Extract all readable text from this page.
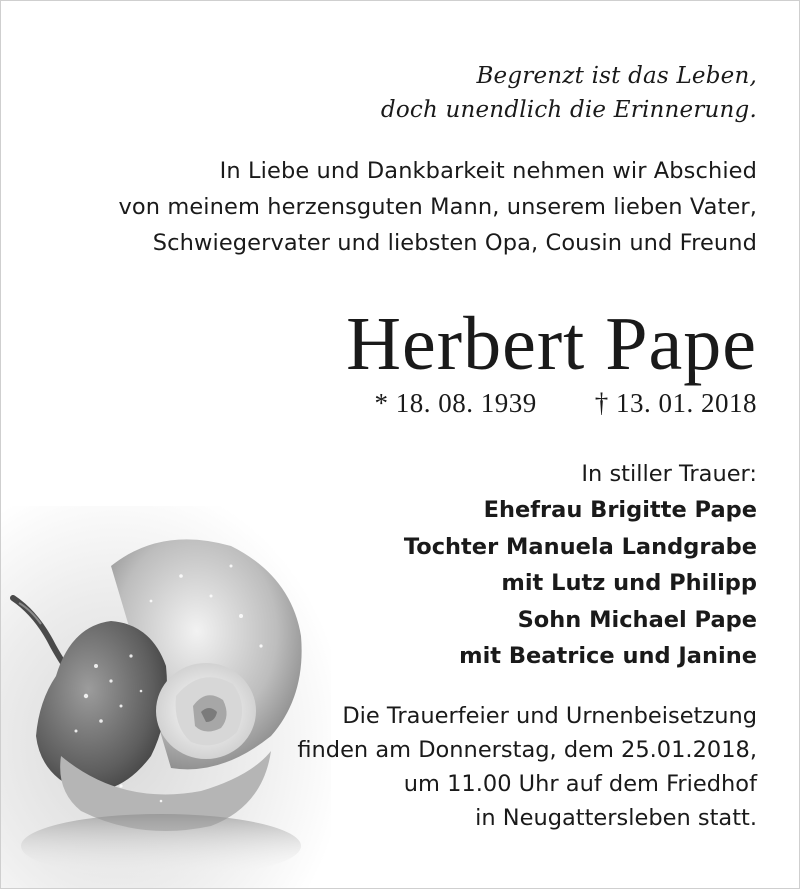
Begrenzt ist das Leben,
doch unendlich die Erinnerung.
In Liebe und Dankbarkeit nehmen wir Abschied
von meinem herzensguten Mann, unserem lieben Vater,
Schwiegervater und liebsten Opa, Cousin und Freund
Herbert Pape
* 18. 08. 1939 † 13. 01. 2018
In stiller Trauer:
Ehefrau Brigitte Pape
Tochter Manuela Landgrabe
mit Lutz und Philipp
Sohn Michael Pape
mit Beatrice und Janine
Die Trauerfeier und Urnenbeisetzung
finden am Donnerstag, dem 25.01.2018,
um 11.00 Uhr auf dem Friedhof
in Neugattersleben statt.
